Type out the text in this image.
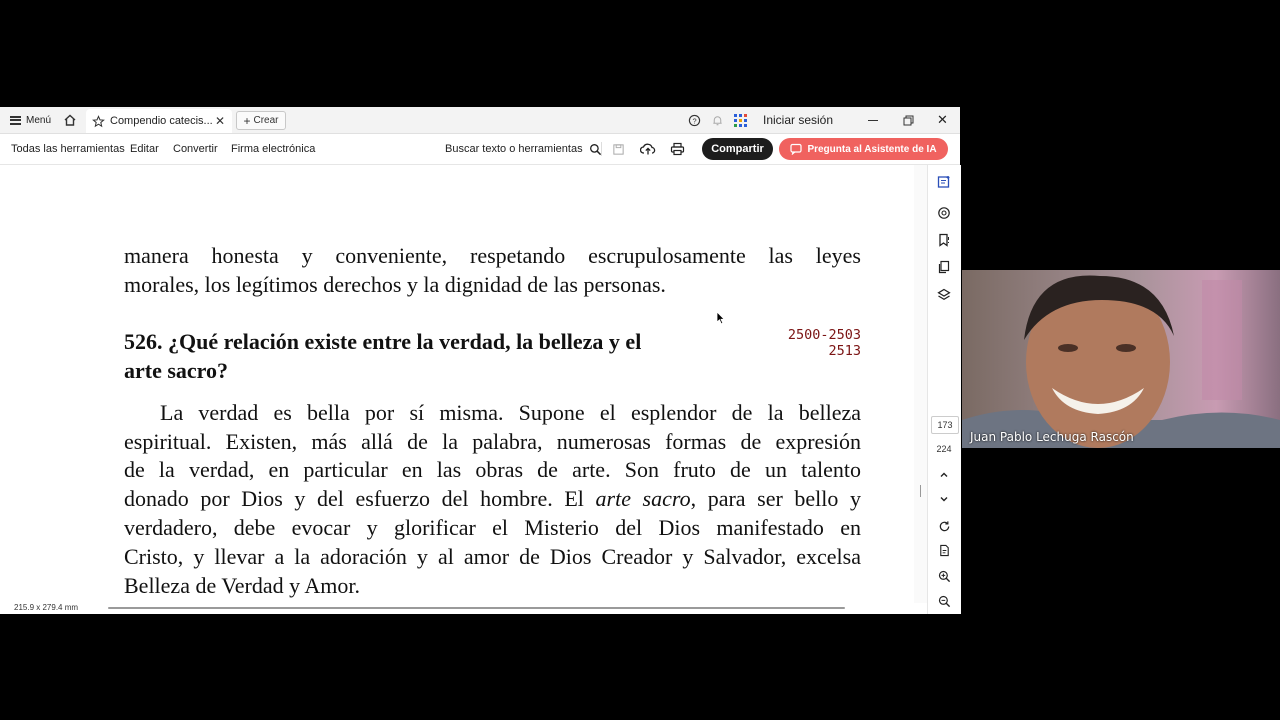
Menú	Compendio catecis... ✕ + Crear	?	Iniciar sesión	✕
Todas las herramientas Editar Convertir Firma electrónica	Buscar texto o herramientas	Compartir	Pregunta al Asistente de IA
manera honesta y conveniente, respetando escrupulosamente las leyes
morales, los legítimos derechos y la dignidad de las personas.
526. ¿Qué relación existe entre la verdad, la belleza y el
arte sacro?
2500-2503
2513
La verdad es bella por sí misma. Supone el esplendor de la belleza
espiritual. Existen, más allá de la palabra, numerosas formas de expresión
de la verdad, en particular en las obras de arte. Son fruto de un talento
donado por Dios y del esfuerzo del hombre. El arte sacro, para ser bello y
verdadero, debe evocar y glorificar el Misterio del Dios manifestado en
Cristo, y llevar a la adoración y al amor de Dios Creador y Salvador, excelsa
Belleza de Verdad y Amor.
173
224
215.9 x 279.4 mm
Juan Pablo Lechuga Rascón
